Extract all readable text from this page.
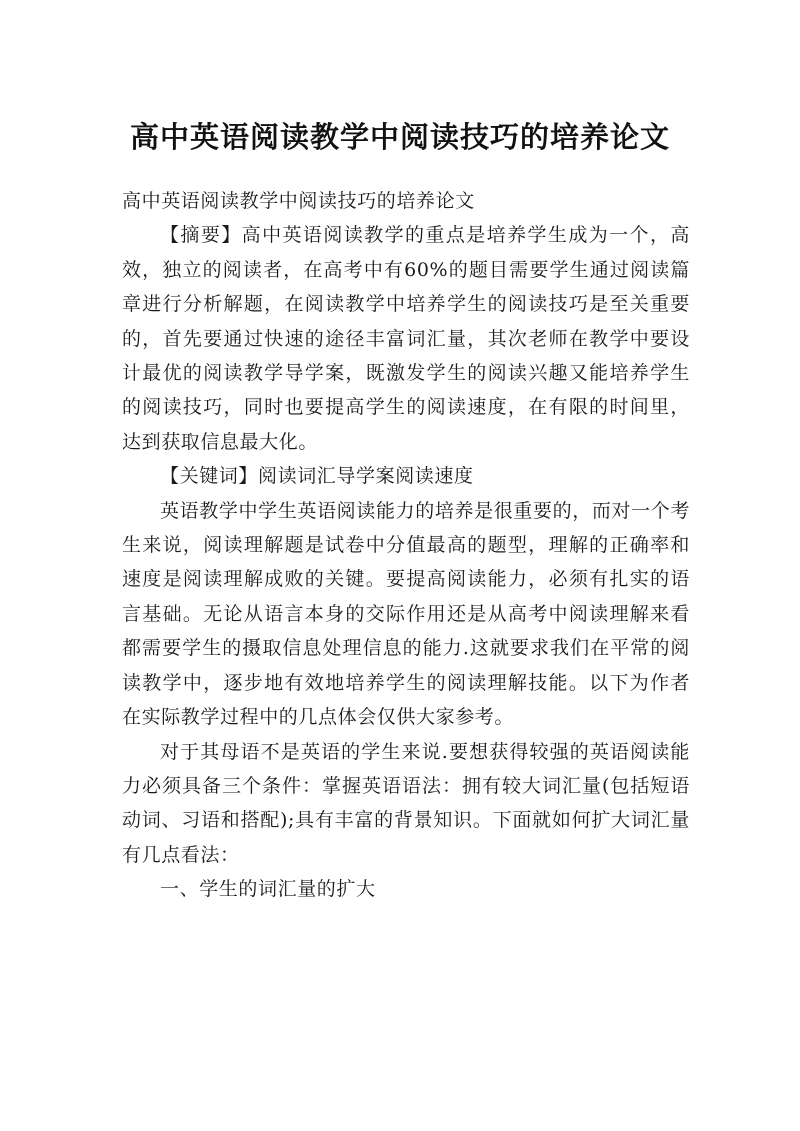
高中英语阅读教学中阅读技巧的培养论文

高中英语阅读教学中阅读技巧的培养论文

【摘要】高中英语阅读教学的重点是培养学生成为一个，高效，独立的阅读者，在高考中有60%的题目需要学生通过阅读篇章进行分析解题，在阅读教学中培养学生的阅读技巧是至关重要的，首先要通过快速的途径丰富词汇量，其次老师在教学中要设计最优的阅读教学导学案，既激发学生的阅读兴趣又能培养学生的阅读技巧，同时也要提高学生的阅读速度，在有限的时间里，达到获取信息最大化。

【关键词】阅读词汇导学案阅读速度

英语教学中学生英语阅读能力的培养是很重要的，而对一个考生来说，阅读理解题是试卷中分值最高的题型，理解的正确率和速度是阅读理解成败的关键。要提高阅读能力，必须有扎实的语言基础。无论从语言本身的交际作用还是从高考中阅读理解来看都需要学生的摄取信息处理信息的能力.这就要求我们在平常的阅读教学中，逐步地有效地培养学生的阅读理解技能。以下为作者在实际教学过程中的几点体会仅供大家参考。

对于其母语不是英语的学生来说.要想获得较强的英语阅读能力必须具备三个条件：掌握英语语法：拥有较大词汇量(包括短语动词、习语和搭配);具有丰富的背景知识。下面就如何扩大词汇量有几点看法：

一、学生的词汇量的扩大
